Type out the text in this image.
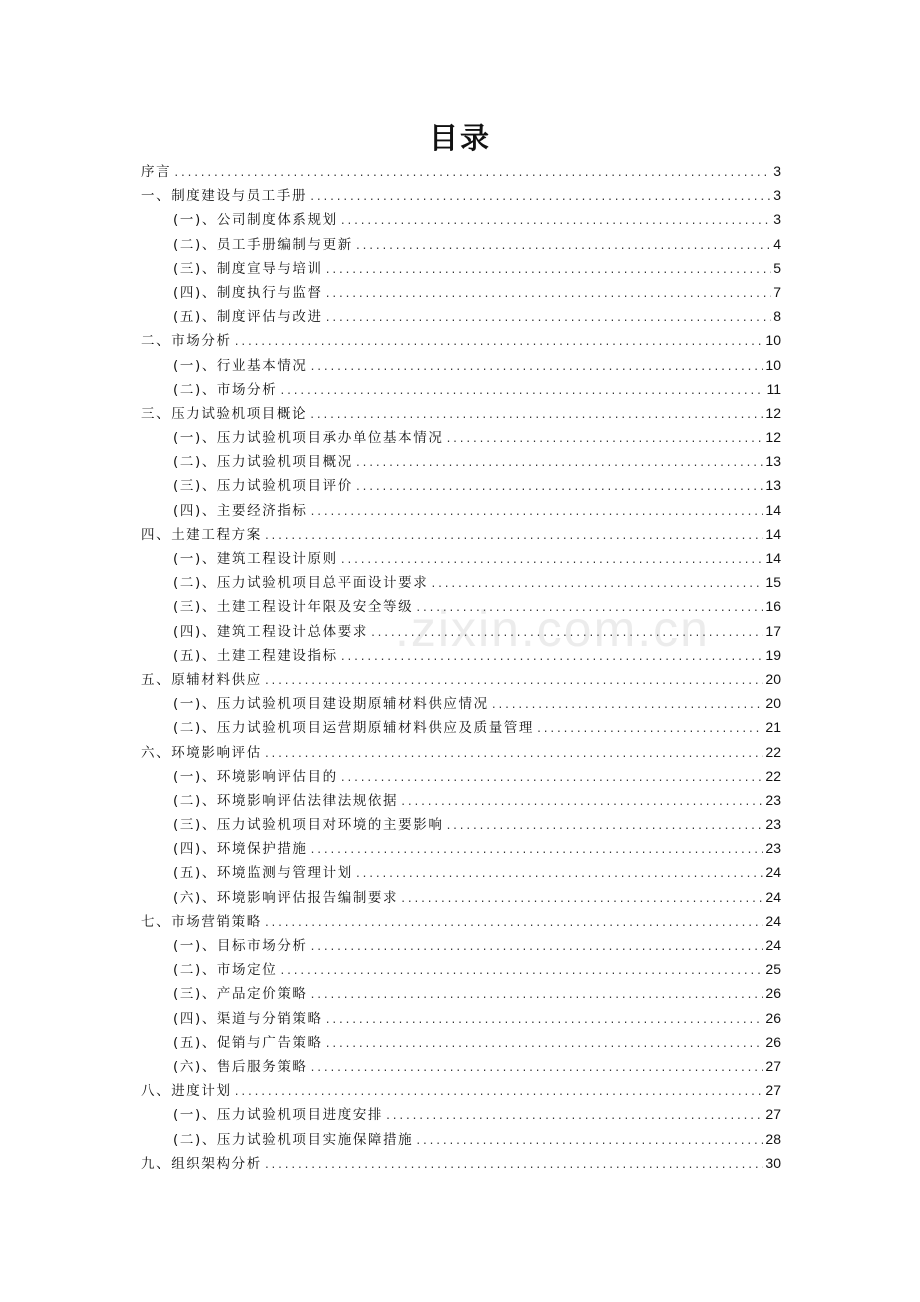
目录
序言 .....	3
一、制度建设与员工手册 .....	3
(一)、公司制度体系规划 .....	3
(二)、员工手册编制与更新 .....	4
(三)、制度宣导与培训 .....	5
(四)、制度执行与监督 .....	7
(五)、制度评估与改进 .....	8
二、市场分析 .....	10
(一)、行业基本情况 .....	10
(二)、市场分析 .....	11
三、压力试验机项目概论 .....	12
(一)、压力试验机项目承办单位基本情况 .....	12
(二)、压力试验机项目概况 .....	13
(三)、压力试验机项目评价 .....	13
(四)、主要经济指标 .....	14
四、土建工程方案 .....	14
(一)、建筑工程设计原则 .....	14
(二)、压力试验机项目总平面设计要求 .....	15
(三)、土建工程设计年限及安全等级 .....	16
(四)、建筑工程设计总体要求 .....	17
(五)、土建工程建设指标 .....	19
五、原辅材料供应 .....	20
(一)、压力试验机项目建设期原辅材料供应情况 .....	20
(二)、压力试验机项目运营期原辅材料供应及质量管理 .....	21
六、环境影响评估 .....	22
(一)、环境影响评估目的 .....	22
(二)、环境影响评估法律法规依据 .....	23
(三)、压力试验机项目对环境的主要影响 .....	23
(四)、环境保护措施 .....	23
(五)、环境监测与管理计划 .....	24
(六)、环境影响评估报告编制要求 .....	24
七、市场营销策略 .....	24
(一)、目标市场分析 .....	24
(二)、市场定位 .....	25
(三)、产品定价策略 .....	26
(四)、渠道与分销策略 .....	26
(五)、促销与广告策略 .....	26
(六)、售后服务策略 .....	27
八、进度计划 .....	27
(一)、压力试验机项目进度安排 .....	27
(二)、压力试验机项目实施保障措施 .....	28
九、组织架构分析 .....	30
.zixin.com.cn
